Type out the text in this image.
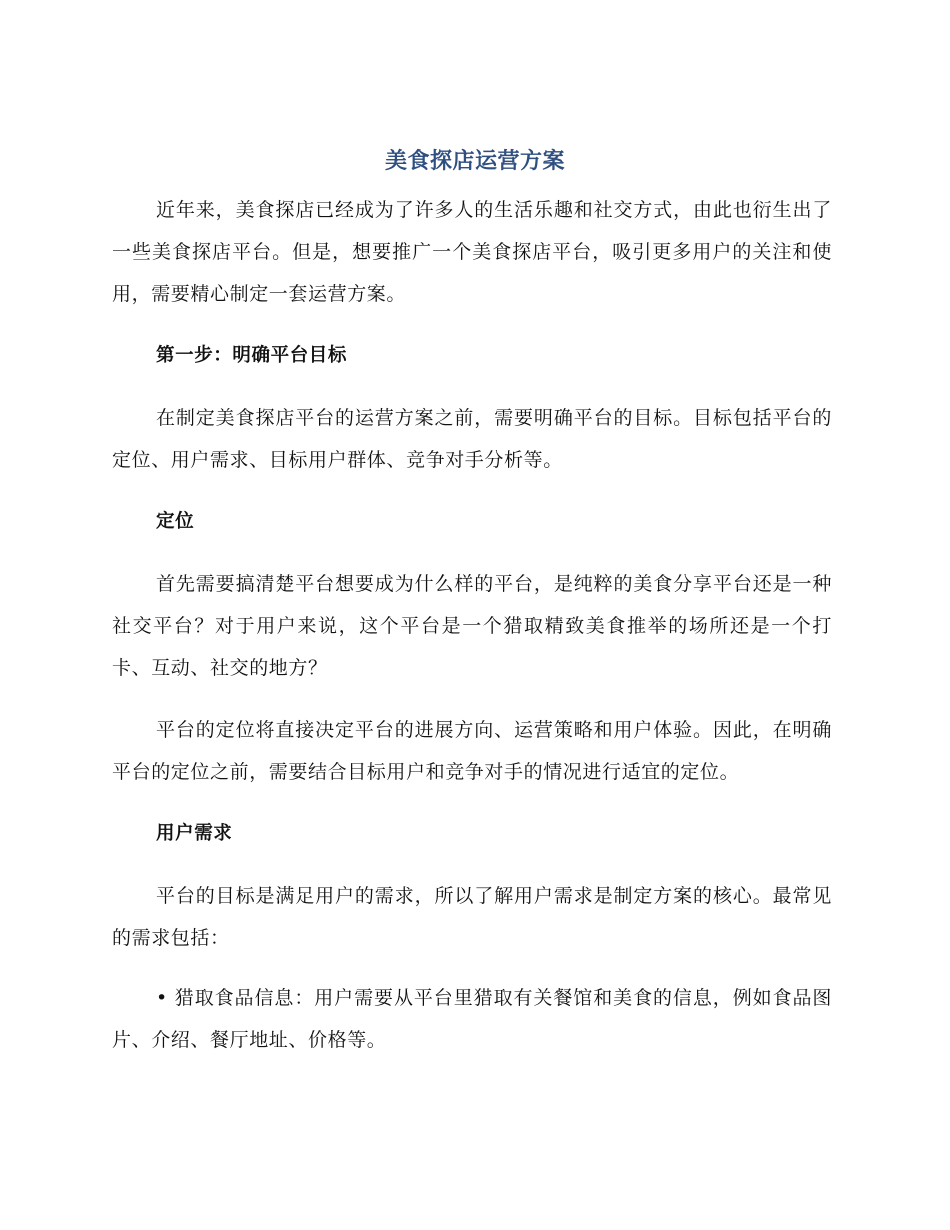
美食探店运营方案

近年来，美食探店已经成为了许多人的生活乐趣和社交方式，由此也衍生出了一些美食探店平台。但是，想要推广一个美食探店平台，吸引更多用户的关注和使用，需要精心制定一套运营方案。

第一步：明确平台目标

在制定美食探店平台的运营方案之前，需要明确平台的目标。目标包括平台的定位、用户需求、目标用户群体、竞争对手分析等。

定位

首先需要搞清楚平台想要成为什么样的平台，是纯粹的美食分享平台还是一种社交平台？对于用户来说，这个平台是一个猎取精致美食推举的场所还是一个打卡、互动、社交的地方？

平台的定位将直接决定平台的进展方向、运营策略和用户体验。因此，在明确平台的定位之前，需要结合目标用户和竞争对手的情况进行适宜的定位。

用户需求

平台的目标是满足用户的需求，所以了解用户需求是制定方案的核心。最常见的需求包括：

• 猎取食品信息：用户需要从平台里猎取有关餐馆和美食的信息，例如食品图片、介绍、餐厅地址、价格等。
